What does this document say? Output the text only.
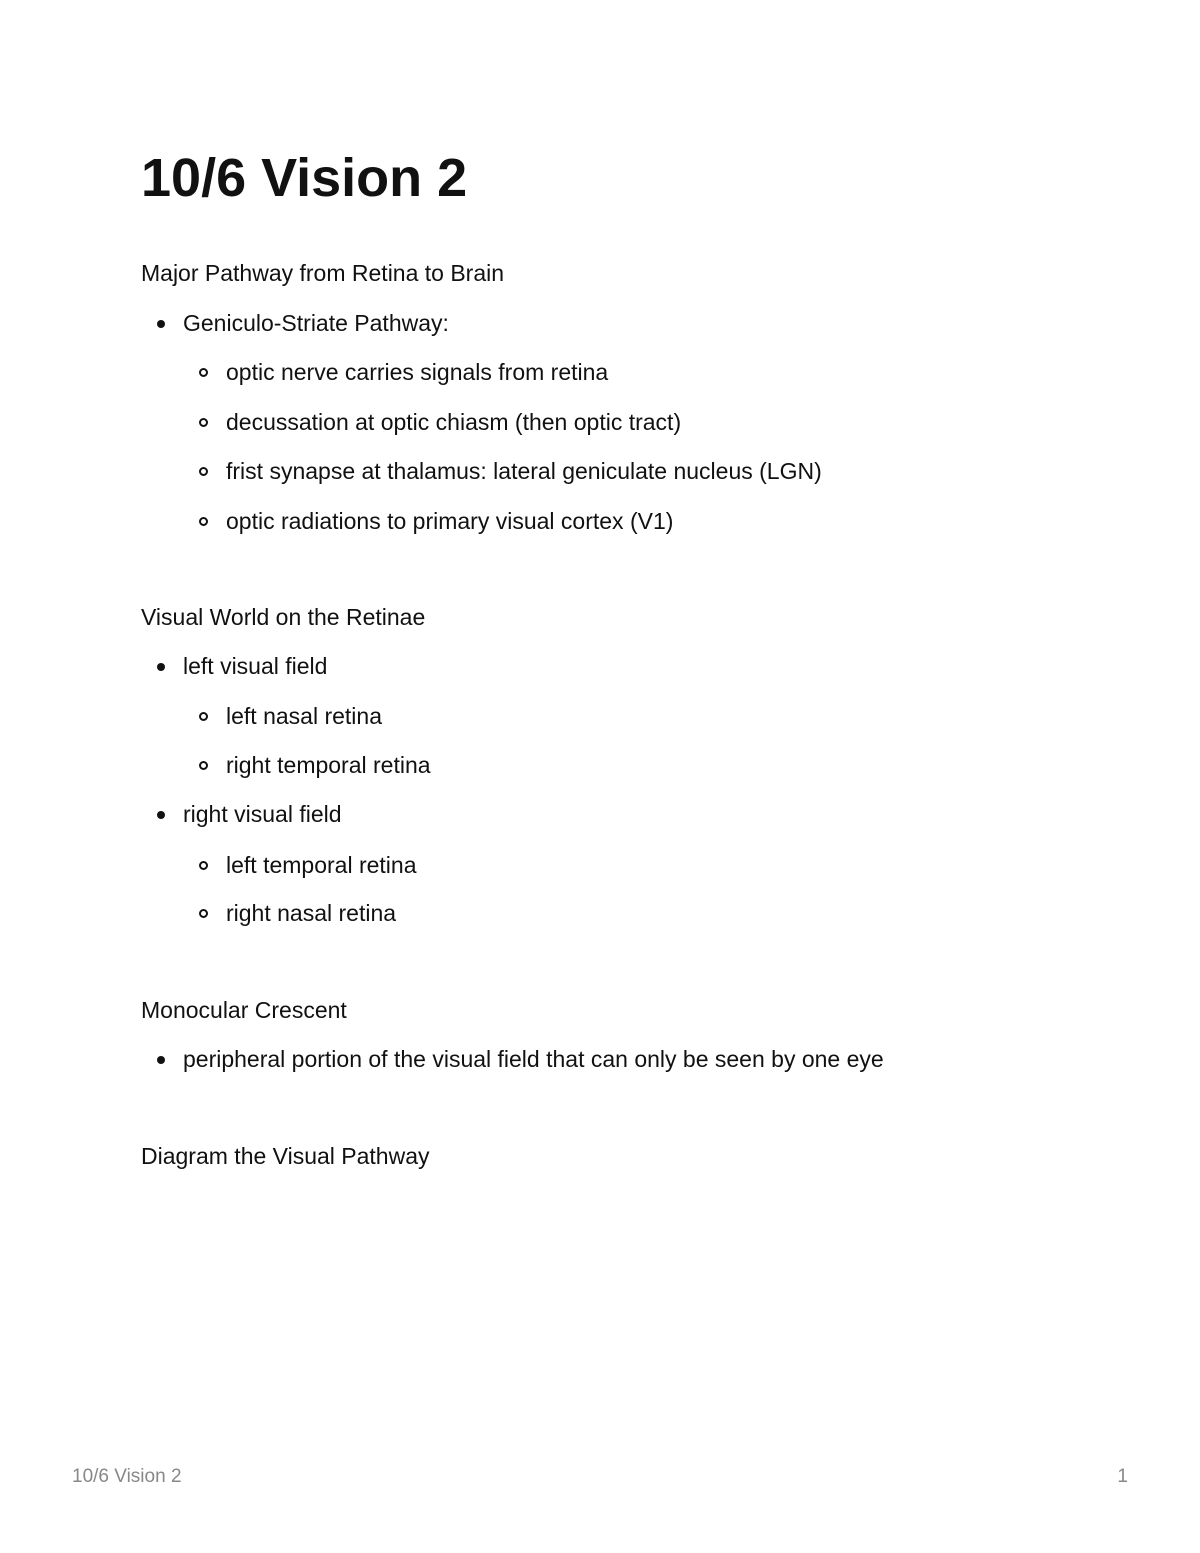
10/6 Vision 2
Major Pathway from Retina to Brain
Geniculo-Striate Pathway:
optic nerve carries signals from retina
decussation at optic chiasm (then optic tract)
frist synapse at thalamus: lateral geniculate nucleus (LGN)
optic radiations to primary visual cortex (V1)
Visual World on the Retinae
left visual field
left nasal retina
right temporal retina
right visual field
left temporal retina
right nasal retina
Monocular Crescent
peripheral portion of the visual field that can only be seen by one eye
Diagram the Visual Pathway
10/6 Vision 2	1
